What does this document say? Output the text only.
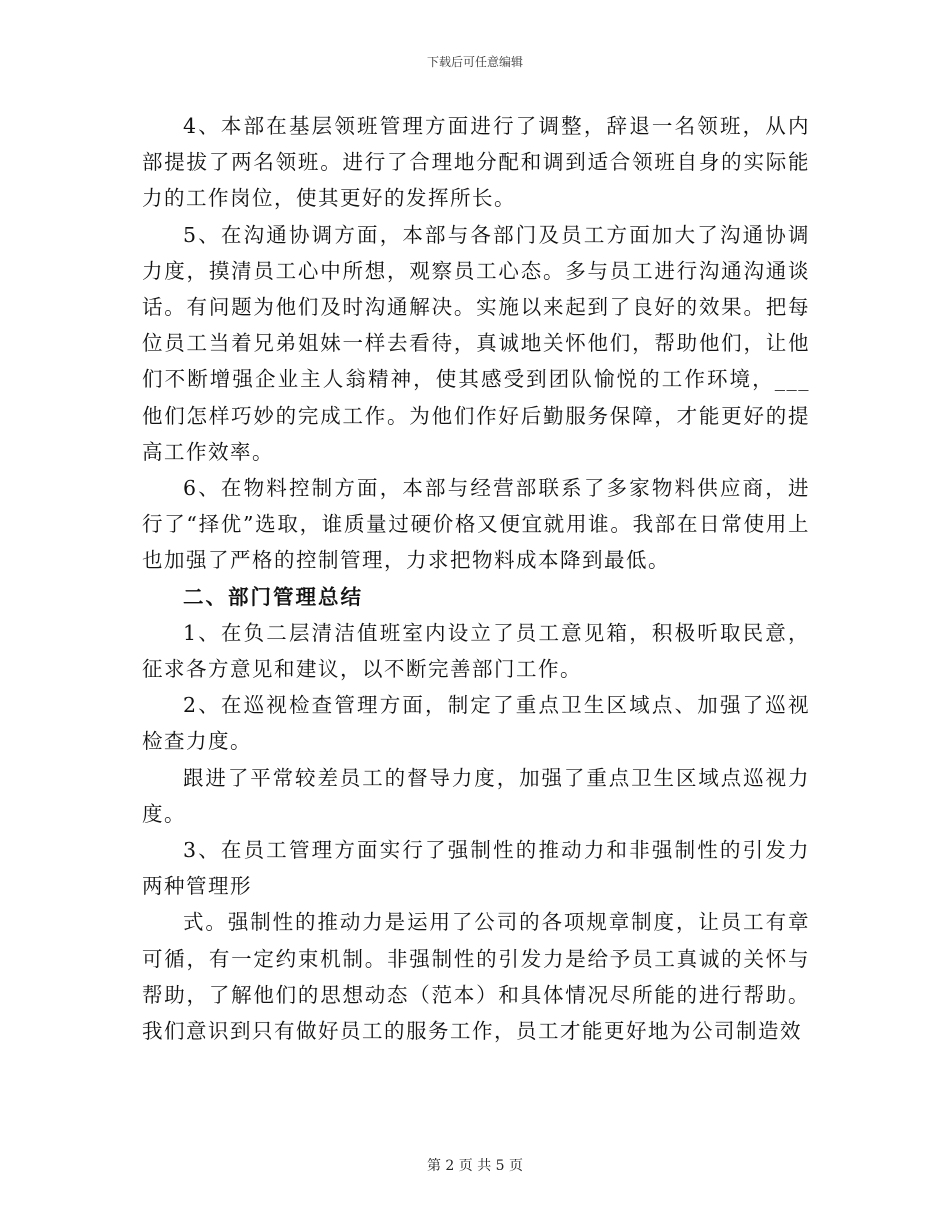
下载后可任意编辑

4、本部在基层领班管理方面进行了调整，辞退一名领班，从内部提拔了两名领班。进行了合理地分配和调到适合领班自身的实际能力的工作岗位，使其更好的发挥所长。

5、在沟通协调方面，本部与各部门及员工方面加大了沟通协调力度，摸清员工心中所想，观察员工心态。多与员工进行沟通沟通谈话。有问题为他们及时沟通解决。实施以来起到了良好的效果。把每位员工当着兄弟姐妹一样去看待，真诚地关怀他们，帮助他们，让他们不断增强企业主人翁精神，使其感受到团队愉悦的工作环境，___他们怎样巧妙的完成工作。为他们作好后勤服务保障，才能更好的提高工作效率。

6、在物料控制方面，本部与经营部联系了多家物料供应商，进行了“择优”选取，谁质量过硬价格又便宜就用谁。我部在日常使用上也加强了严格的控制管理，力求把物料成本降到最低。

二、部门管理总结

1、在负二层清洁值班室内设立了员工意见箱，积极听取民意，征求各方意见和建议，以不断完善部门工作。

2、在巡视检查管理方面，制定了重点卫生区域点、加强了巡视检查力度。

跟进了平常较差员工的督导力度，加强了重点卫生区域点巡视力度。

3、在员工管理方面实行了强制性的推动力和非强制性的引发力两种管理形

式。强制性的推动力是运用了公司的各项规章制度，让员工有章可循，有一定约束机制。非强制性的引发力是给予员工真诚的关怀与帮助，了解他们的思想动态（范本）和具体情况尽所能的进行帮助。我们意识到只有做好员工的服务工作，员工才能更好地为公司制造效

第 2 页 共 5 页
